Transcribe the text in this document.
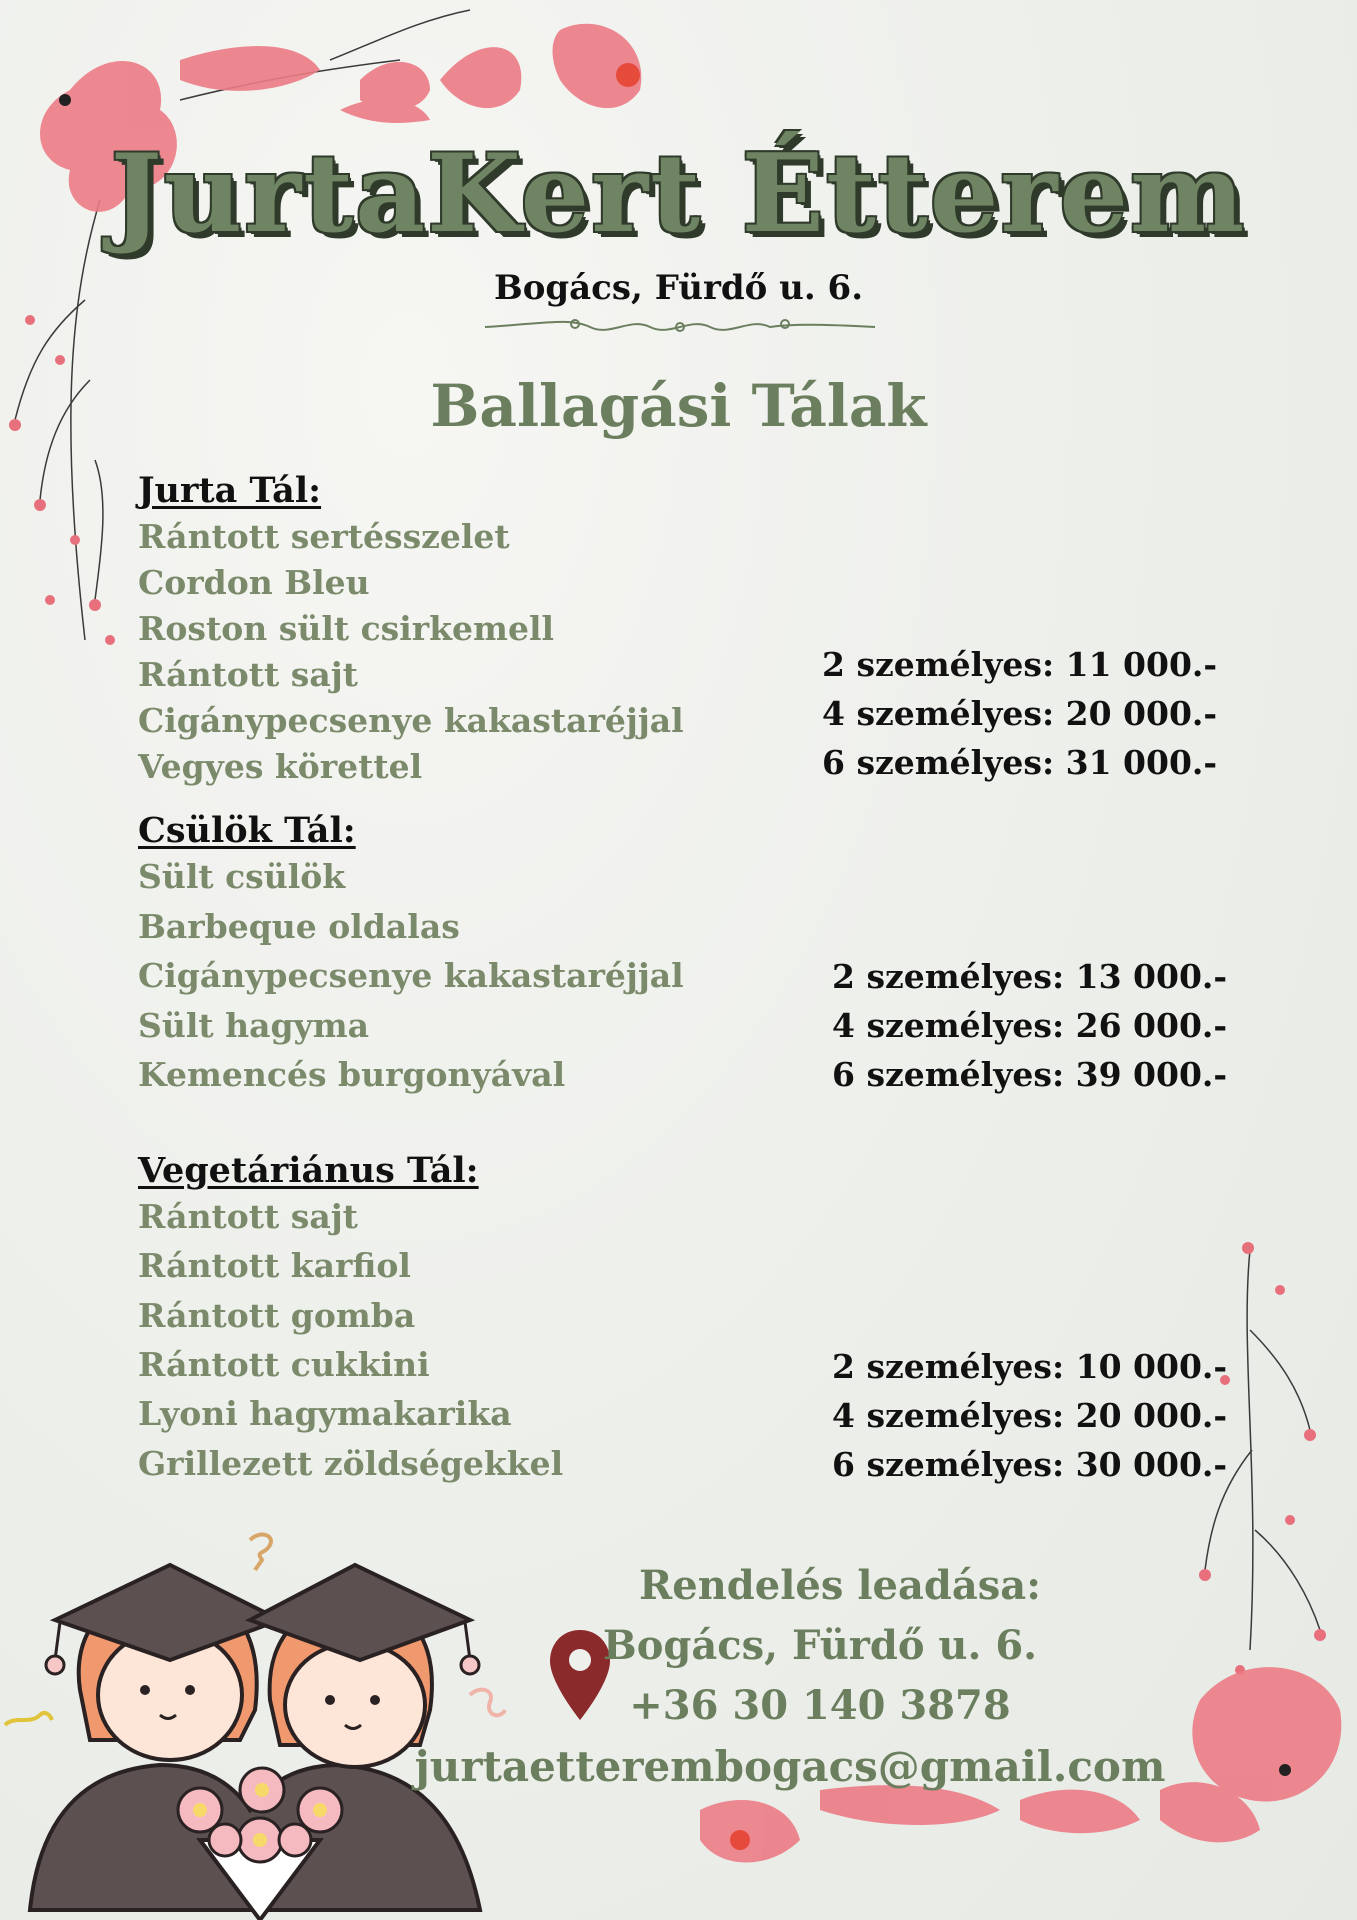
JurtaKert Étterem
Bogács, Fürdő u. 6.
Ballagási Tálak
Jurta Tál:
Rántott sertésszelet
Cordon Bleu
Roston sült csirkemell
Rántott sajt
Cigánypecsenye kakastaréjjal
Vegyes körettel
2 személyes: 11 000.-
4 személyes: 20 000.-
6 személyes: 31 000.-
Csülök Tál:
Sült csülök
Barbeque oldalas
Cigánypecsenye kakastaréjjal
Sült hagyma
Kemencés burgonyával
2 személyes: 13 000.-
4 személyes: 26 000.-
6 személyes: 39 000.-
Vegetáriánus Tál:
Rántott sajt
Rántott karfiol
Rántott gomba
Rántott cukkini
Lyoni hagymakarika
Grillezett zöldségekkel
2 személyes: 10 000.-
4 személyes: 20 000.-
6 személyes: 30 000.-
Rendelés leadása:
Bogács, Fürdő u. 6.
+36 30 140 3878
jurtaetterembogacs@gmail.com
